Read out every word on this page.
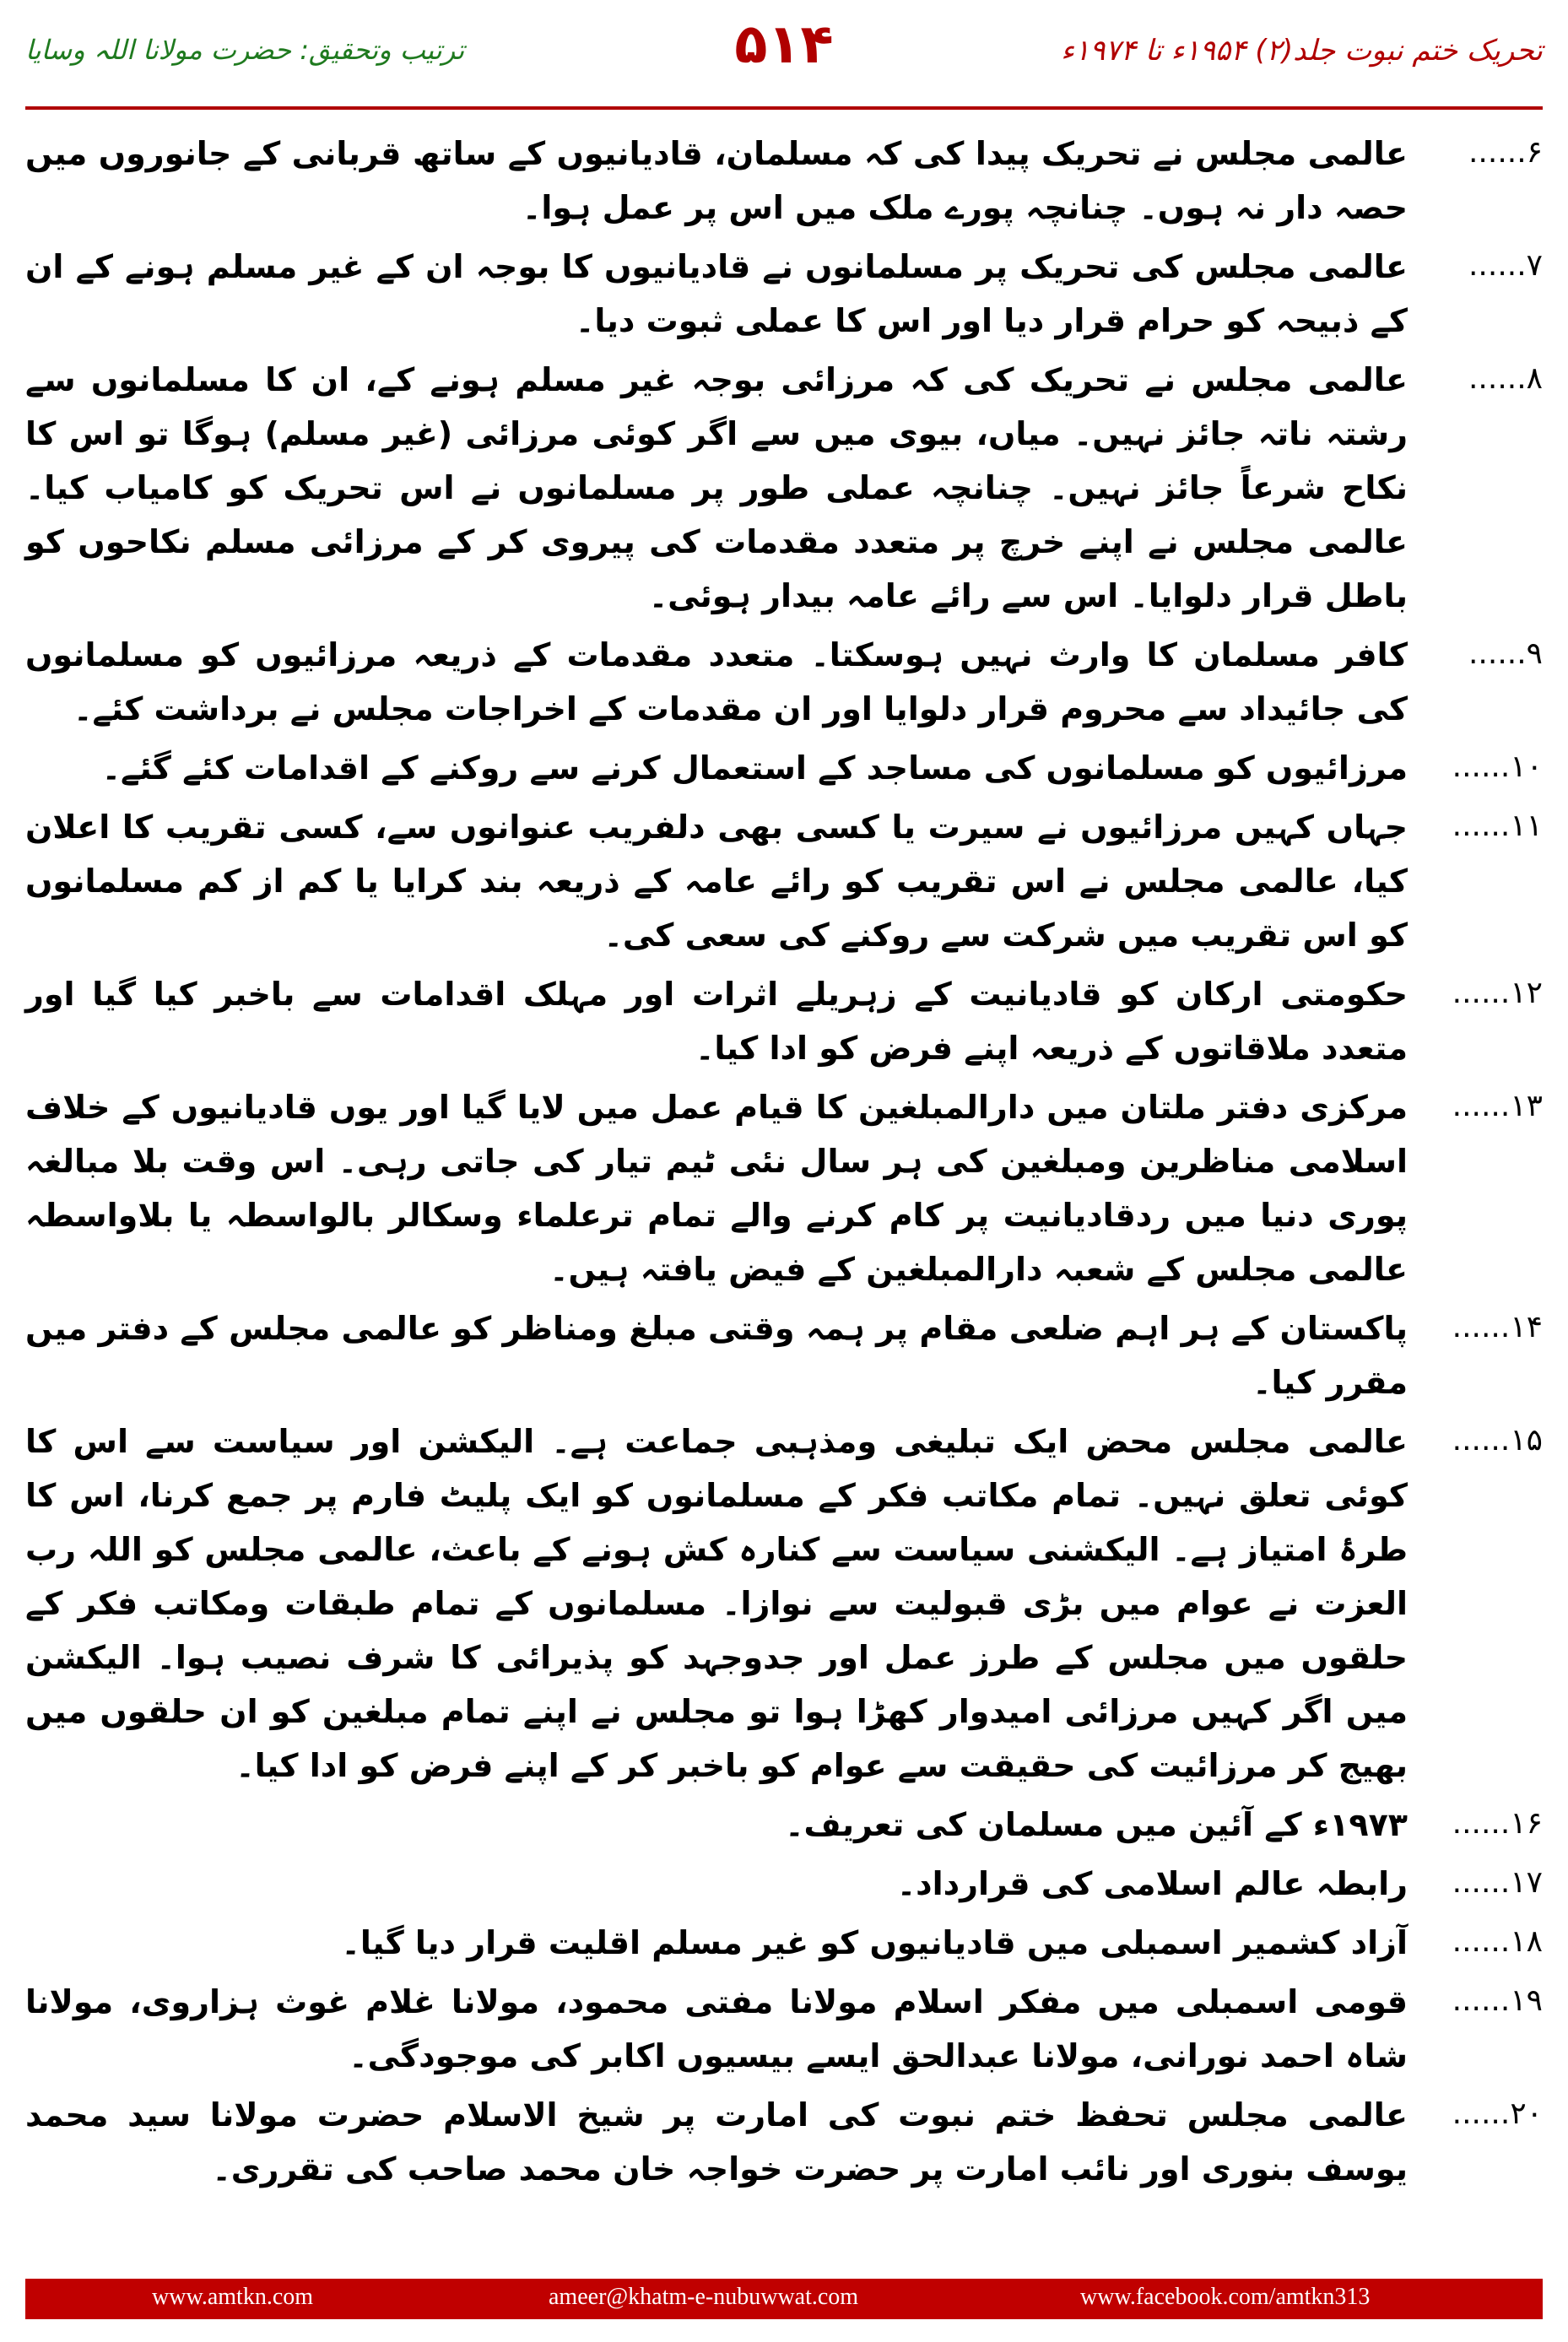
تحریک ختم نبوت جلد(۲) ۱۹۵۴ء تا ۱۹۷۴ء
۵۱۴
ترتیب وتحقیق: حضرت مولانا اللہ وسایا
۶......
عالمی مجلس نے تحریک پیدا کی کہ مسلمان، قادیانیوں کے ساتھ قربانی کے جانوروں میں حصہ دار نہ ہوں۔ چنانچہ پورے ملک میں اس پر عمل ہوا۔
۷......
عالمی مجلس کی تحریک پر مسلمانوں نے قادیانیوں کا بوجہ ان کے غیر مسلم ہونے کے ان کے ذبیحہ کو حرام قرار دیا اور اس کا عملی ثبوت دیا۔
۸......
عالمی مجلس نے تحریک کی کہ مرزائی بوجہ غیر مسلم ہونے کے، ان کا مسلمانوں سے رشتہ ناتہ جائز نہیں۔ میاں، بیوی میں سے اگر کوئی مرزائی (غیر مسلم) ہوگا تو اس کا نکاح شرعاً جائز نہیں۔ چنانچہ عملی طور پر مسلمانوں نے اس تحریک کو کامیاب کیا۔ عالمی مجلس نے اپنے خرچ پر متعدد مقدمات کی پیروی کر کے مرزائی مسلم نکاحوں کو باطل قرار دلوایا۔ اس سے رائے عامہ بیدار ہوئی۔
۹......
کافر مسلمان کا وارث نہیں ہوسکتا۔ متعدد مقدمات کے ذریعہ مرزائیوں کو مسلمانوں کی جائیداد سے محروم قرار دلوایا اور ان مقدمات کے اخراجات مجلس نے برداشت کئے۔
۱۰......
مرزائیوں کو مسلمانوں کی مساجد کے استعمال کرنے سے روکنے کے اقدامات کئے گئے۔
۱۱......
جہاں کہیں مرزائیوں نے سیرت یا کسی بھی دلفریب عنوانوں سے، کسی تقریب کا اعلان کیا، عالمی مجلس نے اس تقریب کو رائے عامہ کے ذریعہ بند کرایا یا کم از کم مسلمانوں کو اس تقریب میں شرکت سے روکنے کی سعی کی۔
۱۲......
حکومتی ارکان کو قادیانیت کے زہریلے اثرات اور مہلک اقدامات سے باخبر کیا گیا اور متعدد ملاقاتوں کے ذریعہ اپنے فرض کو ادا کیا۔
۱۳......
مرکزی دفتر ملتان میں دارالمبلغین کا قیام عمل میں لایا گیا اور یوں قادیانیوں کے خلاف اسلامی مناظرین ومبلغین کی ہر سال نئی ٹیم تیار کی جاتی رہی۔ اس وقت بلا مبالغہ پوری دنیا میں ردقادیانیت پر کام کرنے والے تمام ترعلماء وسکالر بالواسطہ یا بلاواسطہ عالمی مجلس کے شعبہ دارالمبلغین کے فیض یافتہ ہیں۔
۱۴......
پاکستان کے ہر اہم ضلعی مقام پر ہمہ وقتی مبلغ ومناظر کو عالمی مجلس کے دفتر میں مقرر کیا۔
۱۵......
عالمی مجلس محض ایک تبلیغی ومذہبی جماعت ہے۔ الیکشن اور سیاست سے اس کا کوئی تعلق نہیں۔ تمام مکاتب فکر کے مسلمانوں کو ایک پلیٹ فارم پر جمع کرنا، اس کا طرۂ امتیاز ہے۔ الیکشنی سیاست سے کنارہ کش ہونے کے باعث، عالمی مجلس کو اللہ رب العزت نے عوام میں بڑی قبولیت سے نوازا۔ مسلمانوں کے تمام طبقات ومکاتب فکر کے حلقوں میں مجلس کے طرز عمل اور جدوجہد کو پذیرائی کا شرف نصیب ہوا۔ الیکشن میں اگر کہیں مرزائی امیدوار کھڑا ہوا تو مجلس نے اپنے تمام مبلغین کو ان حلقوں میں بھیج کر مرزائیت کی حقیقت سے عوام کو باخبر کر کے اپنے فرض کو ادا کیا۔
۱۶......
۱۹۷۳ء کے آئین میں مسلمان کی تعریف۔
۱۷......
رابطہ عالم اسلامی کی قرارداد۔
۱۸......
آزاد کشمیر اسمبلی میں قادیانیوں کو غیر مسلم اقلیت قرار دیا گیا۔
۱۹......
قومی اسمبلی میں مفکر اسلام مولانا مفتی محمود، مولانا غلام غوث ہزاروی، مولانا شاہ احمد نورانی، مولانا عبدالحق ایسے بیسیوں اکابر کی موجودگی۔
۲۰......
عالمی مجلس تحفظ ختم نبوت کی امارت پر شیخ الاسلام حضرت مولانا سید محمد یوسف بنوری اور نائب امارت پر حضرت خواجہ خان محمد صاحب کی تقرری۔
www.amtkn.com	ameer@khatm-e-nubuwwat.com	www.facebook.com/amtkn313
